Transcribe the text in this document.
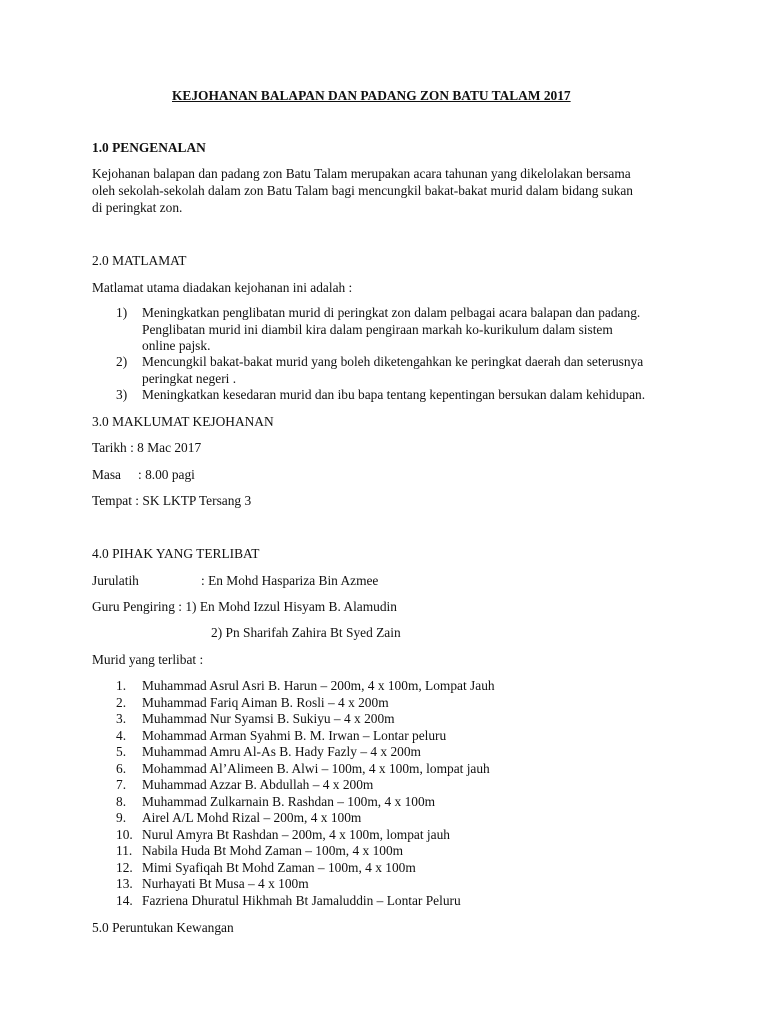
KEJOHANAN BALAPAN DAN PADANG ZON BATU TALAM 2017
1.0 PENGENALAN
Kejohanan balapan dan padang zon Batu Talam merupakan acara tahunan yang dikelolakan bersama
oleh sekolah-sekolah dalam zon Batu Talam bagi mencungkil bakat-bakat murid dalam bidang sukan
di peringkat zon.
2.0 MATLAMAT
Matlamat utama diadakan kejohanan ini adalah :
1) Meningkatkan penglibatan murid di peringkat zon dalam pelbagai acara balapan dan padang.
Penglibatan murid ini diambil kira dalam pengiraan markah ko-kurikulum dalam sistem
online pajsk.
2) Mencungkil bakat-bakat murid yang boleh diketengahkan ke peringkat daerah dan seterusnya
peringkat negeri .
3) Meningkatkan kesedaran murid dan ibu bapa tentang kepentingan bersukan dalam kehidupan.
3.0 MAKLUMAT KEJOHANAN
Tarikh : 8 Mac 2017
Masa : 8.00 pagi
Tempat : SK LKTP Tersang 3
4.0 PIHAK YANG TERLIBAT
Jurulatih	: En Mohd Haspariza Bin Azmee
Guru Pengiring : 1) En Mohd Izzul Hisyam B. Alamudin
2) Pn Sharifah Zahira Bt Syed Zain
Murid yang terlibat :
1. Muhammad Asrul Asri B. Harun – 200m, 4 x 100m, Lompat Jauh
2. Muhammad Fariq Aiman B. Rosli – 4 x 200m
3. Muhammad Nur Syamsi B. Sukiyu – 4 x 200m
4. Mohammad Arman Syahmi B. M. Irwan – Lontar peluru
5. Muhammad Amru Al-As B. Hady Fazly – 4 x 200m
6. Mohammad Al’Alimeen B. Alwi – 100m, 4 x 100m, lompat jauh
7. Muhammad Azzar B. Abdullah – 4 x 200m
8. Muhammad Zulkarnain B. Rashdan – 100m, 4 x 100m
9. Airel A/L Mohd Rizal – 200m, 4 x 100m
10. Nurul Amyra Bt Rashdan – 200m, 4 x 100m, lompat jauh
11. Nabila Huda Bt Mohd Zaman – 100m, 4 x 100m
12. Mimi Syafiqah Bt Mohd Zaman – 100m, 4 x 100m
13. Nurhayati Bt Musa – 4 x 100m
14. Fazriena Dhuratul Hikhmah Bt Jamaluddin – Lontar Peluru
5.0 Peruntukan Kewangan
